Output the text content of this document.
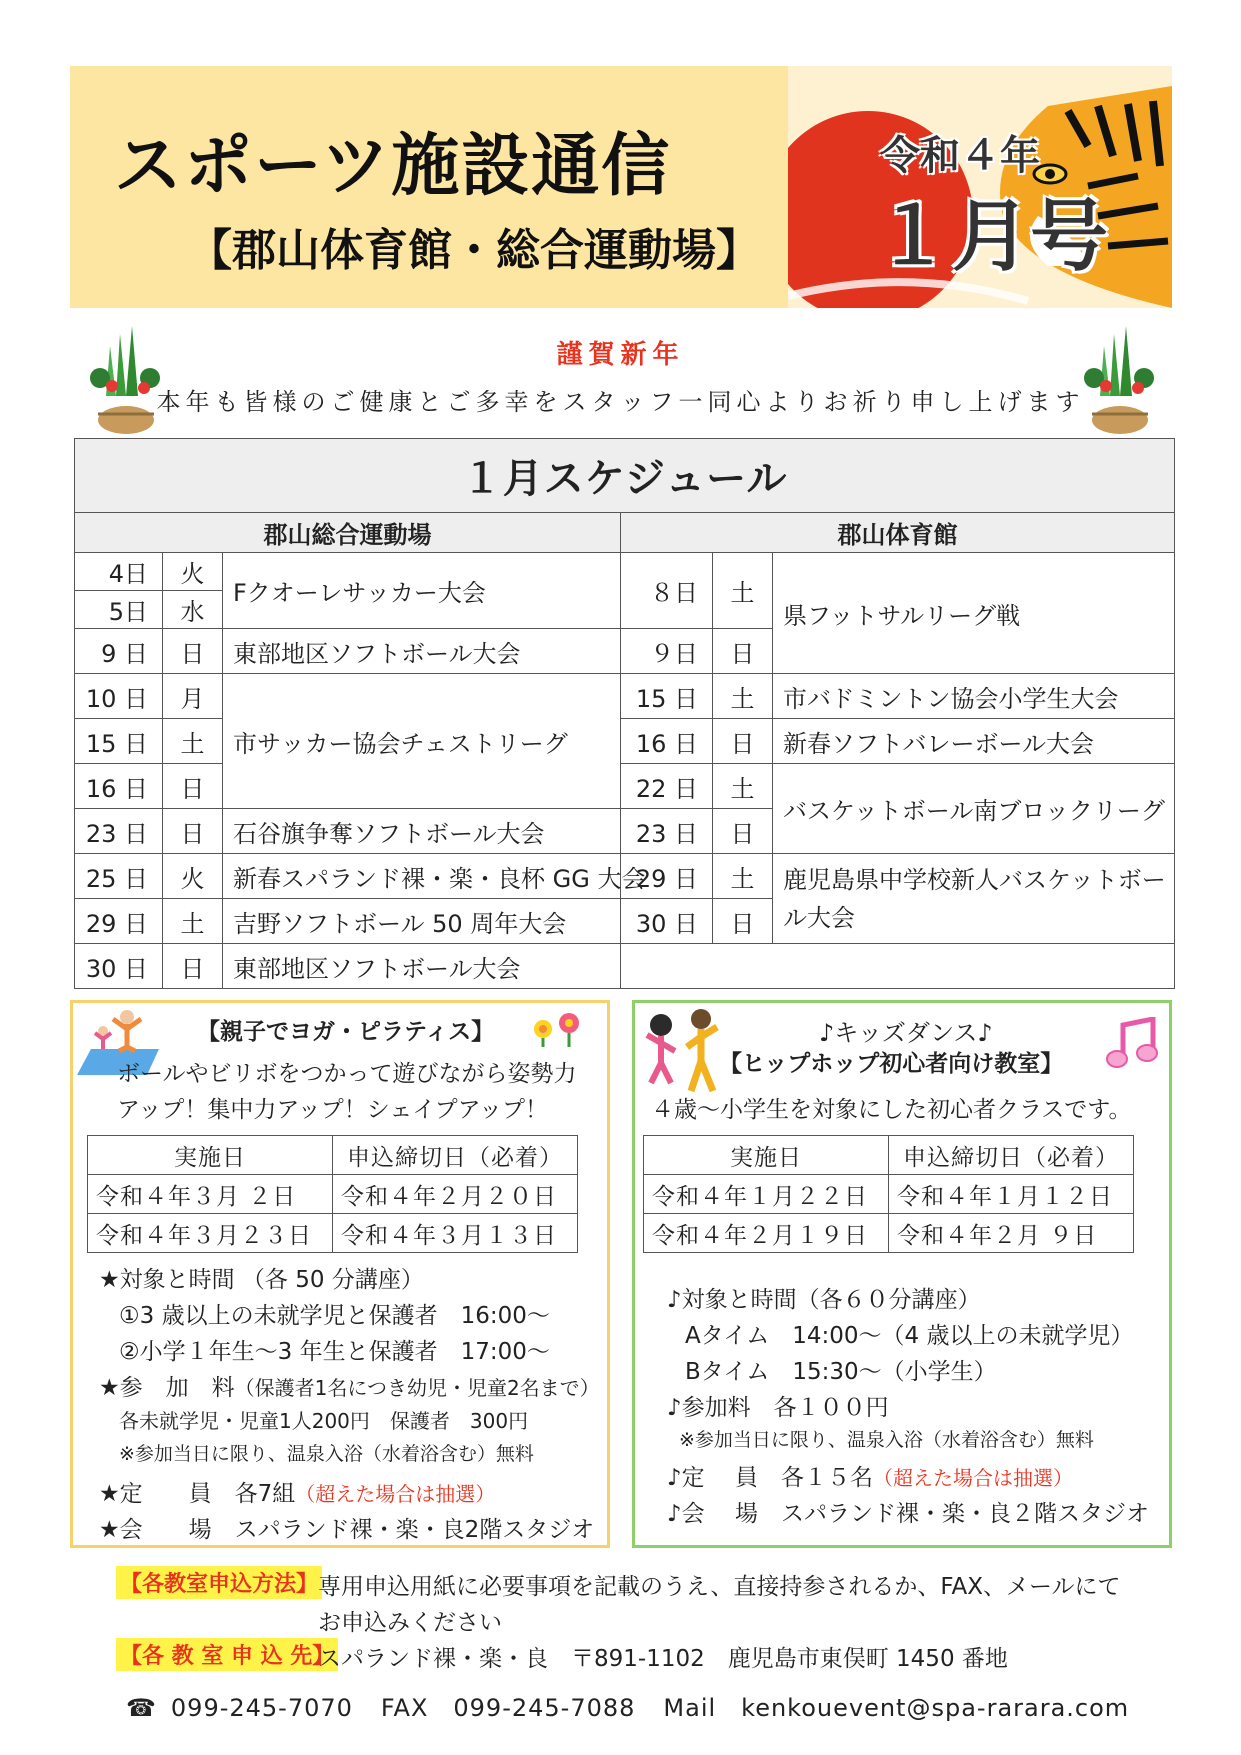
スポーツ施設通信
【郡山体育館・総合運動場】
令和４年
１月号
謹賀新年
本年も皆様のご健康とご多幸をスタッフ一同心よりお祈り申し上げます
１月スケジュール					
郡山総合運動場			郡山体育館		
4日	火	Fクオーレサッカー大会	８日	土	県フットサルリーグ戦
5日	水				
9 日	日	東部地区ソフトボール大会	９日	日	
10 日	月	市サッカー協会チェストリーグ	15 日	土	市バドミントン協会小学生大会
15 日	土		16 日	日	新春ソフトバレーボール大会
16 日	日		22 日	土	バスケットボール南ブロックリーグ
23 日	日	石谷旗争奪ソフトボール大会	23 日	日	
25 日	火	新春スパランド裸・楽・良杯 GG 大会	29 日	土	鹿児島県中学校新人バスケットボール大会
29 日	土	吉野ソフトボール 50 周年大会	30 日	日	
30 日	日	東部地区ソフトボール大会			
【親子でヨガ・ピラティス】
ボールやビリボをつかって遊びながら姿勢力
アップ！集中力アップ！シェイプアップ！
実施日	申込締切日（必着）
令和４年３月 ２日	令和４年２月２０日
令和４年３月２３日	令和４年３月１３日
★対象と時間 （各 50 分講座）
①3 歳以上の未就学児と保護者　16:00～
②小学１年生～3 年生と保護者　17:00～
★参　加　料（保護者1名につき幼児・児童2名まで）
各未就学児・児童1人200円　保護者　300円
※参加当日に限り、温泉入浴（水着浴含む）無料
★定　　員　各7組（超えた場合は抽選）
★会　　場　スパランド裸・楽・良2階スタジオ
♪キッズダンス♪
【ヒップホップ初心者向け教室】
４歳～小学生を対象にした初心者クラスです。
実施日	申込締切日（必着）
令和４年１月２２日	令和４年１月１２日
令和４年２月１９日	令和４年２月 ９日
♪対象と時間（各６０分講座）
Aタイム　14:00～（4 歳以上の未就学児）
Bタイム　15:30～（小学生）
♪参加料　各１００円
※参加当日に限り、温泉入浴（水着浴含む）無料
♪定　 員　各１５名（超えた場合は抽選）
♪会　 場　スパランド裸・楽・良２階スタジオ
【各教室申込方法】 専用申込用紙に必要事項を記載のうえ、直接持参されるか、FAX、メールにて
お申込みください
【各 教 室 申 込 先】
スパランド裸・楽・良　〒891-1102　鹿児島市東俣町 1450 番地
☎ 099-245-7070 FAX　099-245-7088 Mail　kenkouevent@spa-rarara.com
